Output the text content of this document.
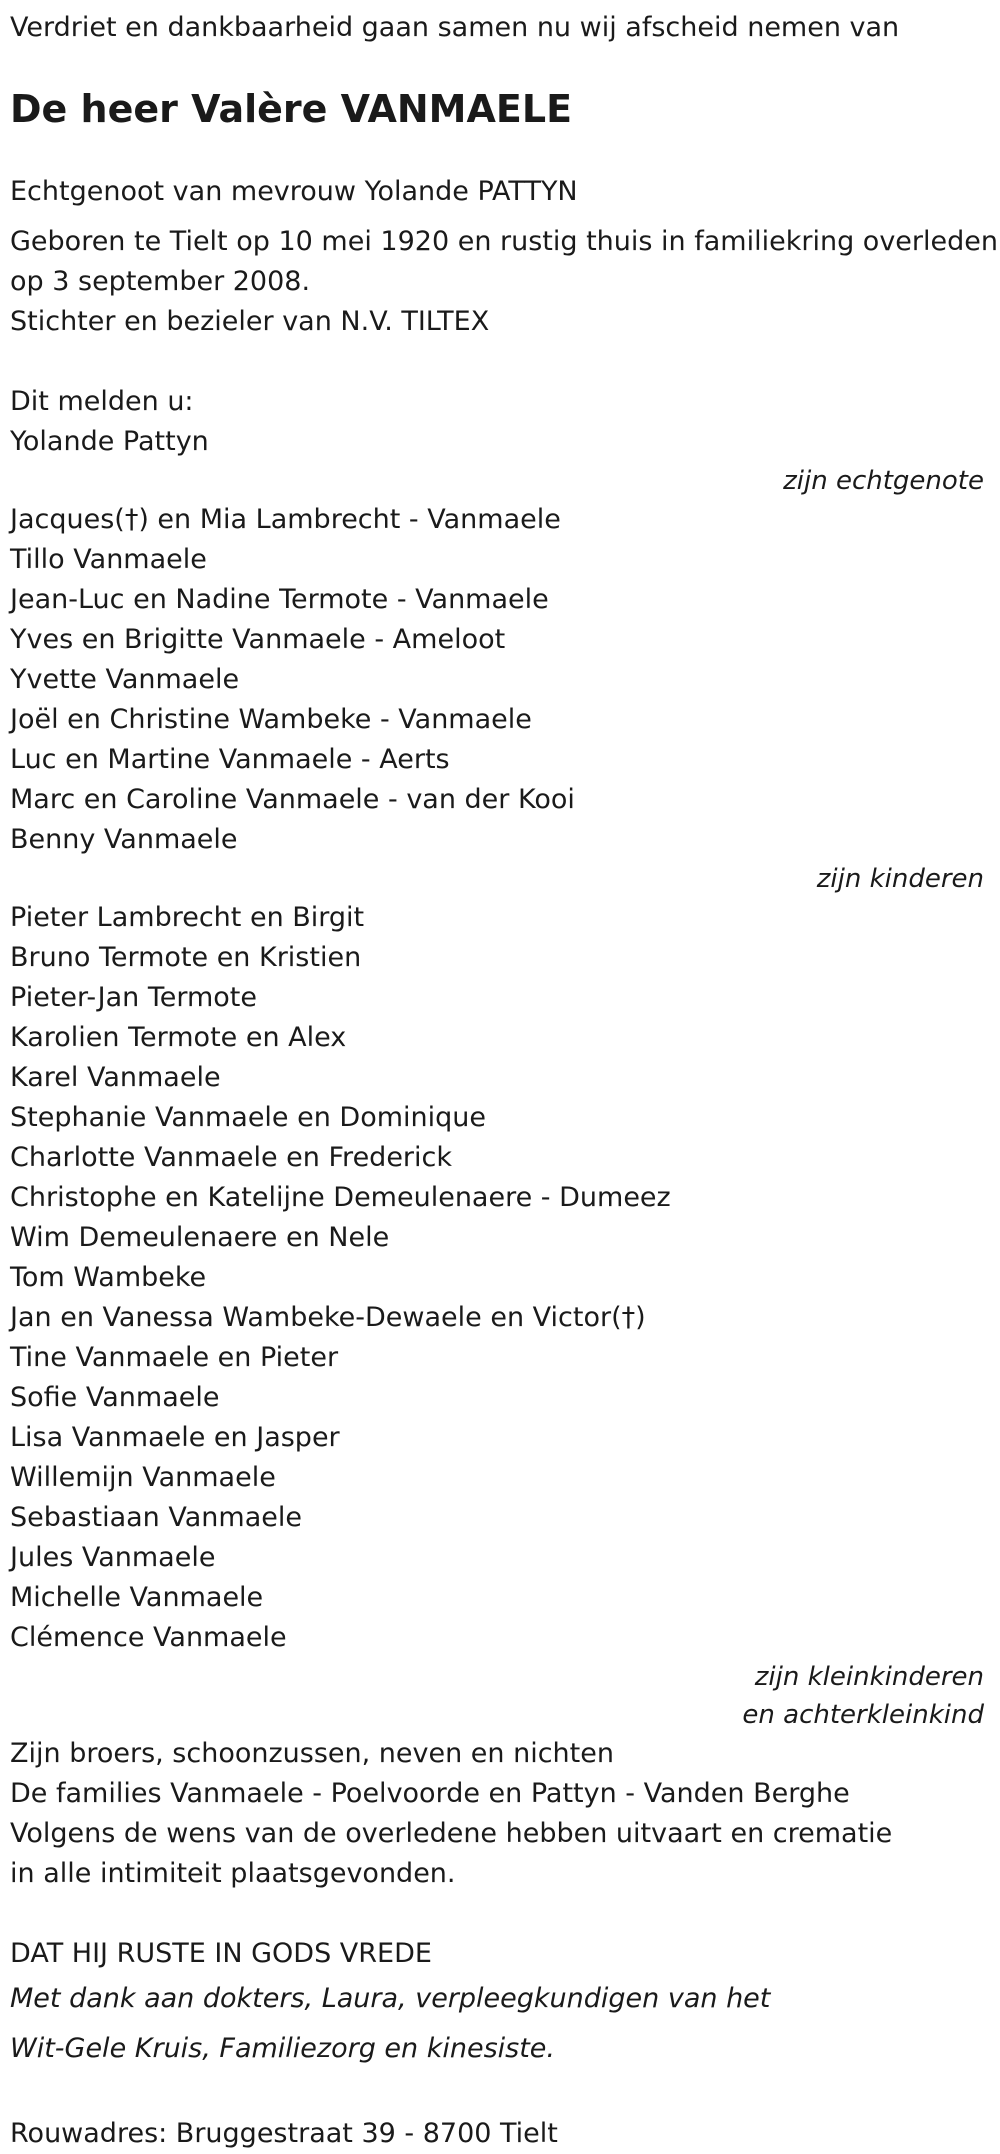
Verdriet en dankbaarheid gaan samen nu wij afscheid nemen van
De heer Valère VANMAELE
Echtgenoot van mevrouw Yolande PATTYN
Geboren te Tielt op 10 mei 1920 en rustig thuis in familiekring overleden
op 3 september 2008.
Stichter en bezieler van N.V. TILTEX
Dit melden u:
Yolande Pattyn
zijn echtgenote
Jacques(†) en Mia Lambrecht - Vanmaele
Tillo Vanmaele
Jean-Luc en Nadine Termote - Vanmaele
Yves en Brigitte Vanmaele - Ameloot
Yvette Vanmaele
Joël en Christine Wambeke - Vanmaele
Luc en Martine Vanmaele - Aerts
Marc en Caroline Vanmaele - van der Kooi
Benny Vanmaele
zijn kinderen
Pieter Lambrecht en Birgit
Bruno Termote en Kristien
Pieter-Jan Termote
Karolien Termote en Alex
Karel Vanmaele
Stephanie Vanmaele en Dominique
Charlotte Vanmaele en Frederick
Christophe en Katelijne Demeulenaere - Dumeez
Wim Demeulenaere en Nele
Tom Wambeke
Jan en Vanessa Wambeke-Dewaele en Victor(†)
Tine Vanmaele en Pieter
Sofie Vanmaele
Lisa Vanmaele en Jasper
Willemijn Vanmaele
Sebastiaan Vanmaele
Jules Vanmaele
Michelle Vanmaele
Clémence Vanmaele
zijn kleinkinderen
en achterkleinkind
Zijn broers, schoonzussen, neven en nichten
De families Vanmaele - Poelvoorde en Pattyn - Vanden Berghe
Volgens de wens van de overledene hebben uitvaart en crematie
in alle intimiteit plaatsgevonden.
DAT HIJ RUSTE IN GODS VREDE
Met dank aan dokters, Laura, verpleegkundigen van het
Wit-Gele Kruis, Familiezorg en kinesiste.
Rouwadres: Bruggestraat 39 - 8700 Tielt
